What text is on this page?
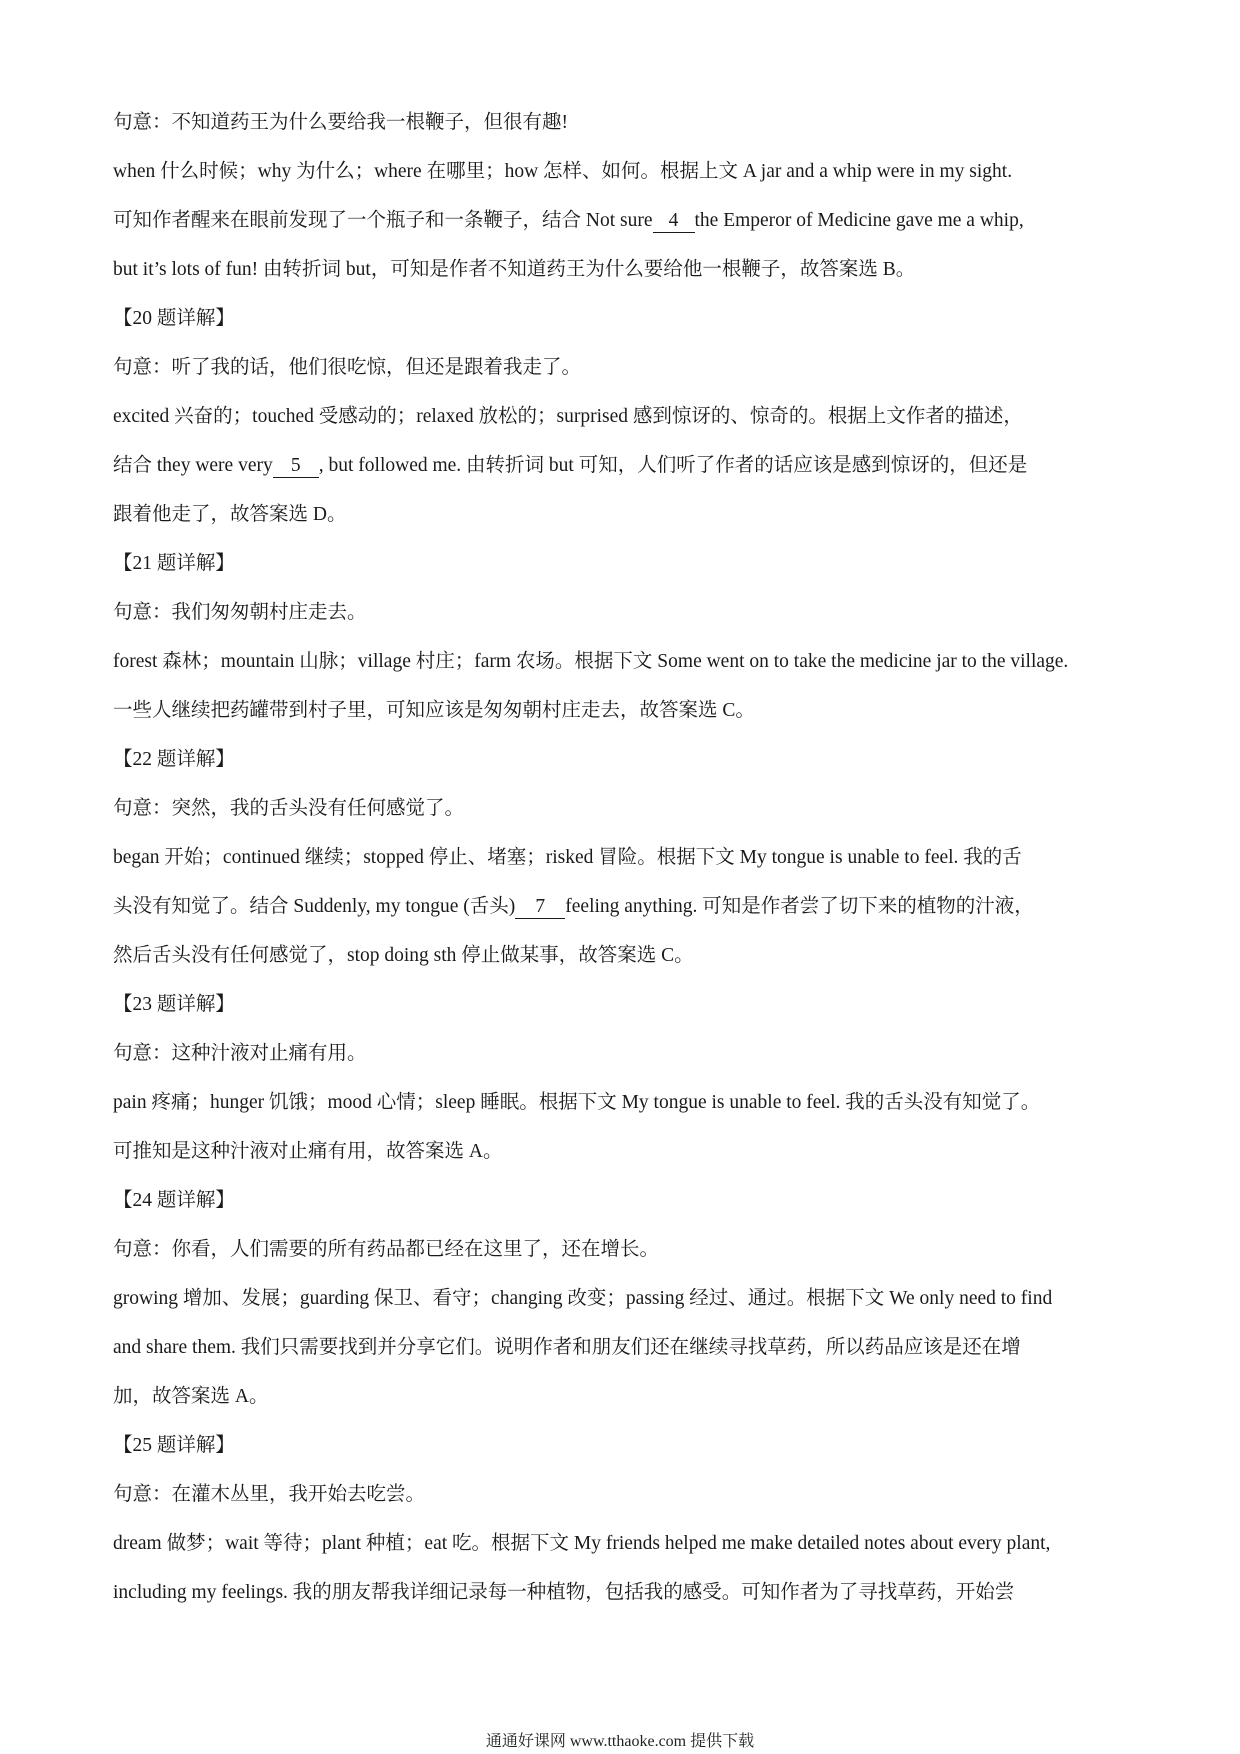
句意：不知道药王为什么要给我一根鞭子，但很有趣!
when 什么时候；why 为什么；where 在哪里；how 怎样、如何。根据上文 A jar and a whip were in my sight.
可知作者醒来在眼前发现了一个瓶子和一条鞭子，结合 Not sure 4 the Emperor of Medicine gave me a whip,
but it’s lots of fun! 由转折词 but，可知是作者不知道药王为什么要给他一根鞭子，故答案选 B。
【20 题详解】
句意：听了我的话，他们很吃惊，但还是跟着我走了。
excited 兴奋的；touched 受感动的；relaxed 放松的；surprised 感到惊讶的、惊奇的。根据上文作者的描述，
结合 they were very 5 , but followed me. 由转折词 but 可知，人们听了作者的话应该是感到惊讶的，但还是
跟着他走了，故答案选 D。
【21 题详解】
句意：我们匆匆朝村庄走去。
forest 森林；mountain 山脉；village 村庄；farm 农场。根据下文 Some went on to take the medicine jar to the village.
一些人继续把药罐带到村子里，可知应该是匆匆朝村庄走去，故答案选 C。
【22 题详解】
句意：突然，我的舌头没有任何感觉了。
began 开始；continued 继续；stopped 停止、堵塞；risked 冒险。根据下文 My tongue is unable to feel. 我的舌
头没有知觉了。结合 Suddenly, my tongue (舌头) 7 feeling anything. 可知是作者尝了切下来的植物的汁液，
然后舌头没有任何感觉了，stop doing sth 停止做某事，故答案选 C。
【23 题详解】
句意：这种汁液对止痛有用。
pain 疼痛；hunger 饥饿；mood 心情；sleep 睡眠。根据下文 My tongue is unable to feel. 我的舌头没有知觉了。
可推知是这种汁液对止痛有用，故答案选 A。
【24 题详解】
句意：你看，人们需要的所有药品都已经在这里了，还在增长。
growing 增加、发展；guarding 保卫、看守；changing 改变；passing 经过、通过。根据下文 We only need to find
and share them. 我们只需要找到并分享它们。说明作者和朋友们还在继续寻找草药，所以药品应该是还在增
加，故答案选 A。
【25 题详解】
句意：在灌木丛里，我开始去吃尝。
dream 做梦；wait 等待；plant 种植；eat 吃。根据下文 My friends helped me make detailed notes about every plant,
including my feelings. 我的朋友帮我详细记录每一种植物，包括我的感受。可知作者为了寻找草药，开始尝
通通好课网 www.tthaoke.com 提供下载
